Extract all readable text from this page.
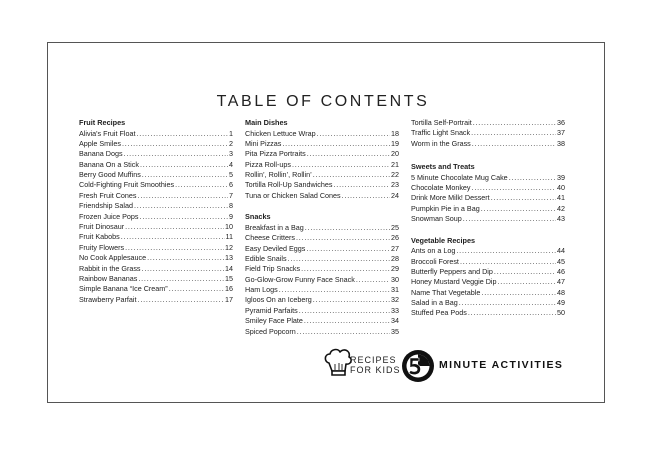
TABLE OF CONTENTS
Fruit Recipes
Alivia's Fruit Float . . .	1
Apple Smiles . . .	2
Banana Dogs . . .	3
Banana On a Stick . . .	4
Berry Good Muffins . . .	5
Cold-Fighting Fruit Smoothies . . .	6
Fresh Fruit Cones . . .	7
Friendship Salad . . .	8
Frozen Juice Pops . . .	9
Fruit Dinosaur . . .	10
Fruit Kabobs . . .	11
Fruity Flowers . . .	12
No Cook Applesauce . . .	13
Rabbit in the Grass . . .	14
Rainbow Bananas . . .	15
Simple Banana “Ice Cream” . . .	16
Strawberry Parfait . . .	17
Main Dishes
Chicken Lettuce Wrap . . .	18
Mini Pizzas . . .	19
Pita Pizza Portraits . . .	20
Pizza Roll-ups . . .	21
Rollin’, Rollin’, Rollin’ . . .	22
Tortilla Roll-Up Sandwiches . . .	23
Tuna or Chicken Salad Cones . . .	24
Snacks
Breakfast in a Bag . . .	25
Cheese Critters . . .	26
Easy Deviled Eggs . . .	27
Edible Snails . . .	28
Field Trip Snacks . . .	29
Go-Glow-Grow Funny Face Snack . . .	30
Ham Logs . . .	31
Igloos On an Iceberg . . .	32
Pyramid Parfaits . . .	33
Smiley Face Plate . . .	34
Spiced Popcorn . . .	35
Tortilla Self-Portrait . . .	36
Traffic Light Snack . . .	37
Worm in the Grass . . .	38
Sweets and Treats
5 Minute Chocolate Mug Cake . . .	39
Chocolate Monkey . . .	40
Drink More Milk! Dessert . . .	41
Pumpkin Pie in a Bag . . .	42
Snowman Soup . . .	43
Vegetable Recipes
Ants on a Log . . .	44
Broccoli Forest . . .	45
Butterfly Peppers and Dip . . .	46
Honey Mustard Veggie Dip . . .	47
Name That Vegetable . . .	48
Salad in a Bag . . .	49
Stuffed Pea Pods . . .	50
RECIPES
FOR KIDS	MINUTE ACTIVITIES
